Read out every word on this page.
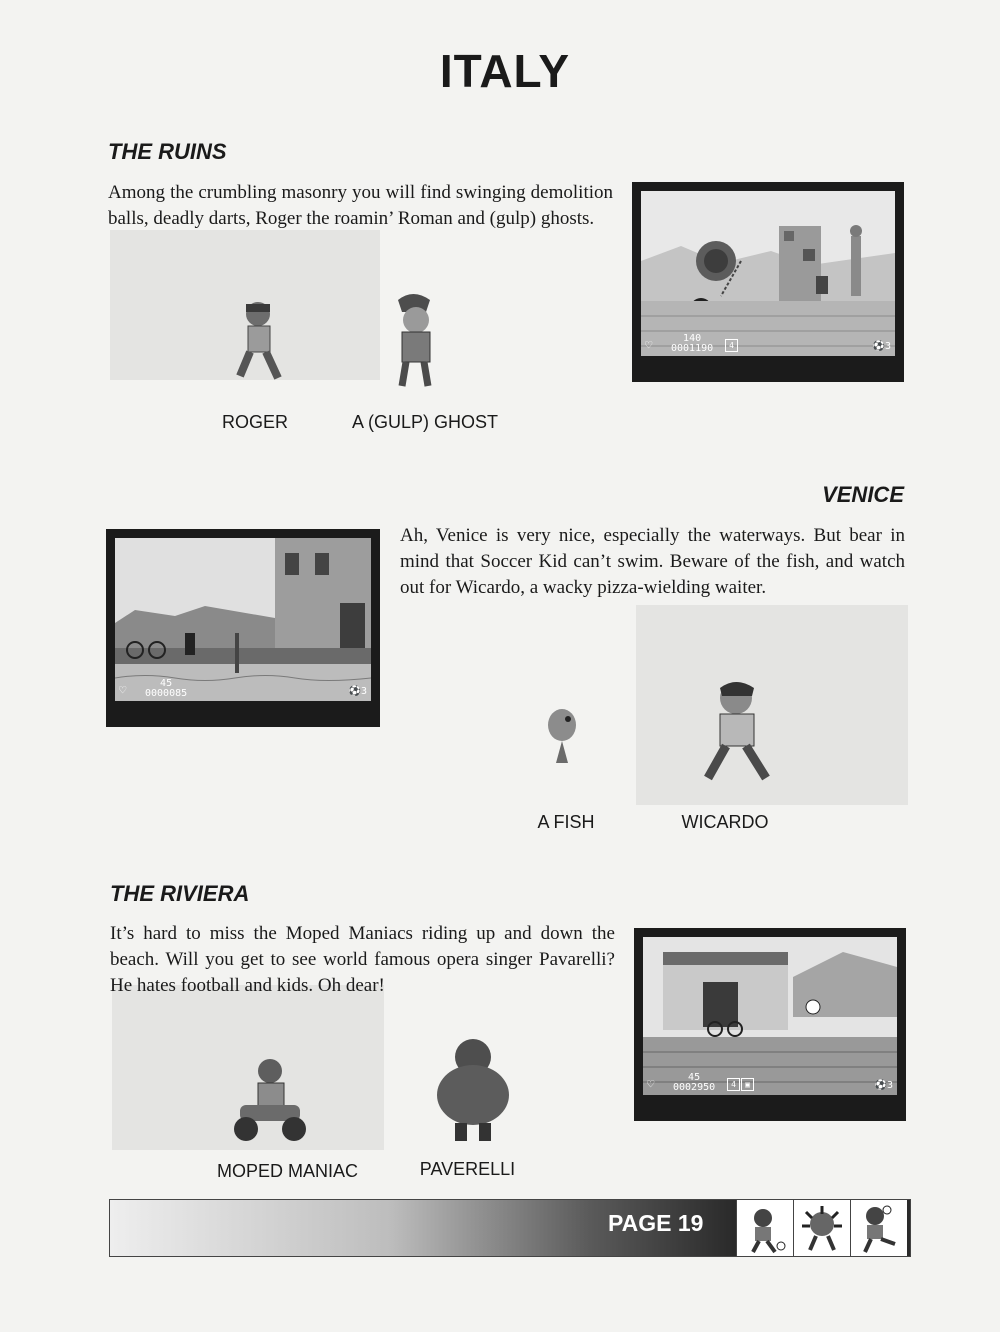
ITALY
THE RUINS

Among the crumbling masonry you will find swinging demolition balls, deadly darts, Roger the roamin’ Roman and (gulp) ghosts.

♡	140
0001190	4	⚽3
ROGER	A (GULP) GHOST
VENICE
♡	45
0000085	⚽3

Ah, Venice is very nice, especially the waterways. But bear in mind that Soccer Kid can’t swim. Beware of the fish, and watch out for Wicardo, a wacky pizza-wielding waiter.

A FISH	WICARDO
THE RIVIERA

It’s hard to miss the Moped Maniacs riding up and down the beach. Will you get to see world famous opera singer Pavarelli? He hates football and kids. Oh dear!

♡	45
0002950	4	▣	⚽3
MOPED MANIAC	PAVERELLI
PAGE 19
